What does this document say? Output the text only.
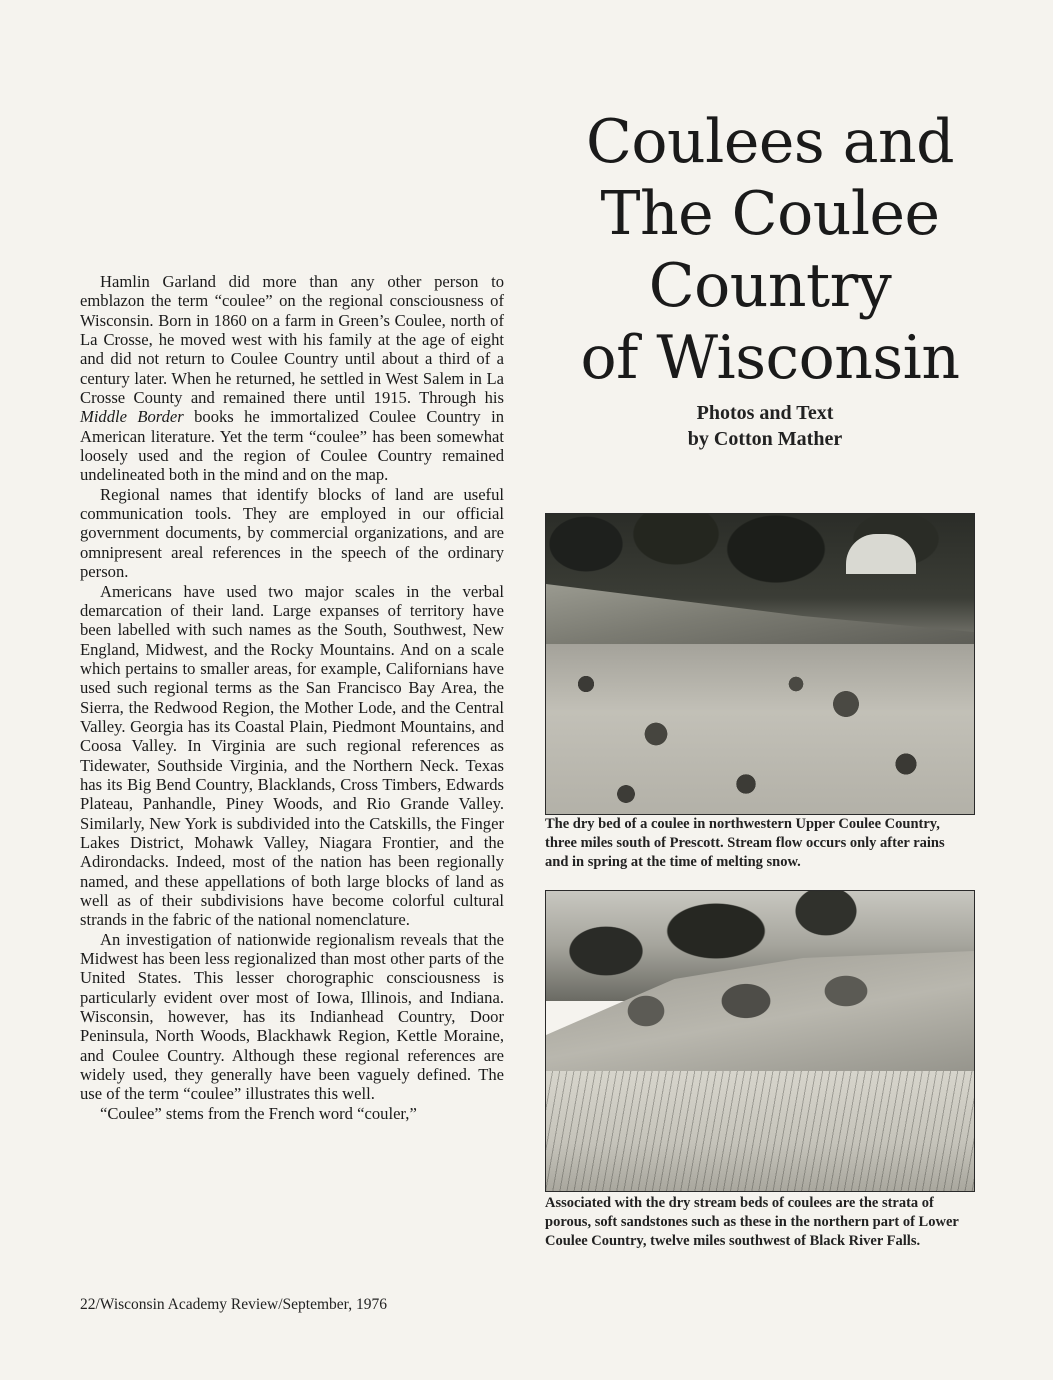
Coulees and
The Coulee
Country
of Wisconsin
Photos and Text
by Cotton Mather

Hamlin Garland did more than any other person to emblazon the term “coulee” on the regional consciousness of Wisconsin. Born in 1860 on a farm in Green’s Coulee, north of La Crosse, he moved west with his family at the age of eight and did not return to Coulee Country until about a third of a century later. When he returned, he settled in West Salem in La Crosse County and remained there until 1915. Through his Middle Border books he immortalized Coulee Country in American literature. Yet the term “coulee” has been somewhat loosely used and the region of Coulee Country remained undelineated both in the mind and on the map.

Regional names that identify blocks of land are useful communication tools. They are employed in our official government documents, by commercial organizations, and are omnipresent areal references in the speech of the ordinary person.

Americans have used two major scales in the verbal demarcation of their land. Large expanses of territory have been labelled with such names as the South, Southwest, New England, Midwest, and the Rocky Mountains. And on a scale which pertains to smaller areas, for example, Californians have used such regional terms as the San Francisco Bay Area, the Sierra, the Redwood Region, the Mother Lode, and the Central Valley. Georgia has its Coastal Plain, Piedmont Mountains, and Coosa Valley. In Virginia are such regional references as Tidewater, Southside Virginia, and the Northern Neck. Texas has its Big Bend Country, Blacklands, Cross Timbers, Edwards Plateau, Panhandle, Piney Woods, and Rio Grande Valley. Similarly, New York is subdivided into the Catskills, the Finger Lakes District, Mohawk Valley, Niagara Frontier, and the Adirondacks. Indeed, most of the nation has been regionally named, and these appellations of both large blocks of land as well as of their subdivisions have become colorful cultural strands in the fabric of the national nomenclature.

An investigation of nationwide regionalism reveals that the Midwest has been less regionalized than most other parts of the United States. This lesser chorographic consciousness is particularly evident over most of Iowa, Illinois, and Indiana. Wisconsin, however, has its Indianhead Country, Door Peninsula, North Woods, Blackhawk Region, Kettle Moraine, and Coulee Country. Although these regional references are widely used, they generally have been vaguely defined. The use of the term “coulee” illustrates this well.

“Coulee” stems from the French word “couler,”

The dry bed of a coulee in northwestern Upper Coulee Country, three miles south of Prescott. Stream flow occurs only after rains and in spring at the time of melting snow.
Associated with the dry stream beds of coulees are the strata of porous, soft sandstones such as these in the northern part of Lower Coulee Country, twelve miles southwest of Black River Falls.
22/Wisconsin Academy Review/September, 1976
